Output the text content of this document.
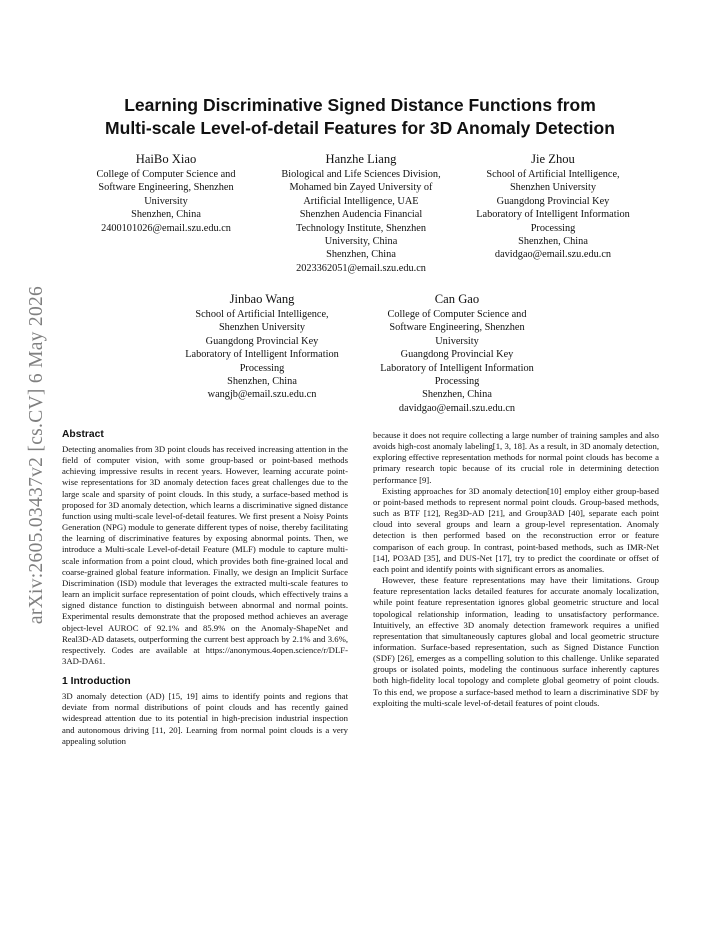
arXiv:2605.03437v2 [cs.CV] 6 May 2026
Learning Discriminative Signed Distance Functions from
Multi-scale Level-of-detail Features for 3D Anomaly Detection
HaiBo Xiao
College of Computer Science and
Software Engineering, Shenzhen
University
Shenzhen, China
2400101026@email.szu.edu.cn
Hanzhe Liang
Biological and Life Sciences Division,
Mohamed bin Zayed University of
Artificial Intelligence, UAE
Shenzhen Audencia Financial
Technology Institute, Shenzhen
University, China
Shenzhen, China
2023362051@email.szu.edu.cn
Jie Zhou
School of Artificial Intelligence,
Shenzhen University
Guangdong Provincial Key
Laboratory of Intelligent Information
Processing
Shenzhen, China
davidgao@email.szu.edu.cn
Jinbao Wang
School of Artificial Intelligence,
Shenzhen University
Guangdong Provincial Key
Laboratory of Intelligent Information
Processing
Shenzhen, China
wangjb@email.szu.edu.cn
Can Gao
College of Computer Science and
Software Engineering, Shenzhen
University
Guangdong Provincial Key
Laboratory of Intelligent Information
Processing
Shenzhen, China
davidgao@email.szu.edu.cn
Abstract

Detecting anomalies from 3D point clouds has received increasing attention in the field of computer vision, with some group-based or point-based methods achieving impressive results in recent years. However, learning accurate point-wise representations for 3D anomaly detection faces great challenges due to the large scale and sparsity of point clouds. In this study, a surface-based method is proposed for 3D anomaly detection, which learns a discriminative signed distance function using multi-scale level-of-detail features. We first present a Noisy Points Generation (NPG) module to generate different types of noise, thereby facilitating the learning of discriminative features by exposing abnormal points. Then, we introduce a Multi-scale Level-of-detail Feature (MLF) module to capture multi-scale information from a point cloud, which provides both fine-grained local and coarse-grained global feature information. Finally, we design an Implicit Surface Discrimination (ISD) module that leverages the extracted multi-scale features to learn an implicit surface representation of point clouds, which effectively trains a signed distance function to distinguish between abnormal and normal points. Experimental results demonstrate that the proposed method achieves an average object-level AUROC of 92.1% and 85.9% on the Anomaly-ShapeNet and Real3D-AD datasets, outperforming the current best approach by 2.1% and 3.6%, respectively. Codes are available at https://anonymous.4open.science/r/DLF-3AD-DA61.

1 Introduction

3D anomaly detection (AD) [15, 19] aims to identify points and regions that deviate from normal distributions of point clouds and has recently gained widespread attention due to its potential in high-precision industrial inspection and autonomous driving [11, 20]. Learning from normal point clouds is a very appealing solution

because it does not require collecting a large number of training samples and also avoids high-cost anomaly labeling[1, 3, 18]. As a result, in 3D anomaly detection, exploring effective representation methods for normal point clouds has become a primary research topic because of its crucial role in determining detection performance [9].

Existing approaches for 3D anomaly detection[10] employ either group-based or point-based methods to represent normal point clouds. Group-based methods, such as BTF [12], Reg3D-AD [21], and Group3AD [40], separate each point cloud into several groups and learn a group-level representation. Anomaly detection is then performed based on the reconstruction error or feature comparison of each group. In contrast, point-based methods, such as IMR-Net [14], PO3AD [35], and DUS-Net [17], try to predict the coordinate or offset of each point and identify points with significant errors as anomalies.

However, these feature representations may have their limitations. Group feature representation lacks detailed features for accurate anomaly localization, while point feature representation ignores global geometric structure and local topological relationship information, leading to unsatisfactory performance. Intuitively, an effective 3D anomaly detection framework requires a unified representation that simultaneously captures global and local geometric structure information. Surface-based representation, such as Signed Distance Function (SDF) [26], emerges as a compelling solution to this challenge. Unlike separated groups or isolated points, modeling the continuous surface inherently captures both high-fidelity local topology and complete global geometry of point clouds. To this end, we propose a surface-based method to learn a discriminative SDF by exploiting the multi-scale level-of-detail features of point clouds.
